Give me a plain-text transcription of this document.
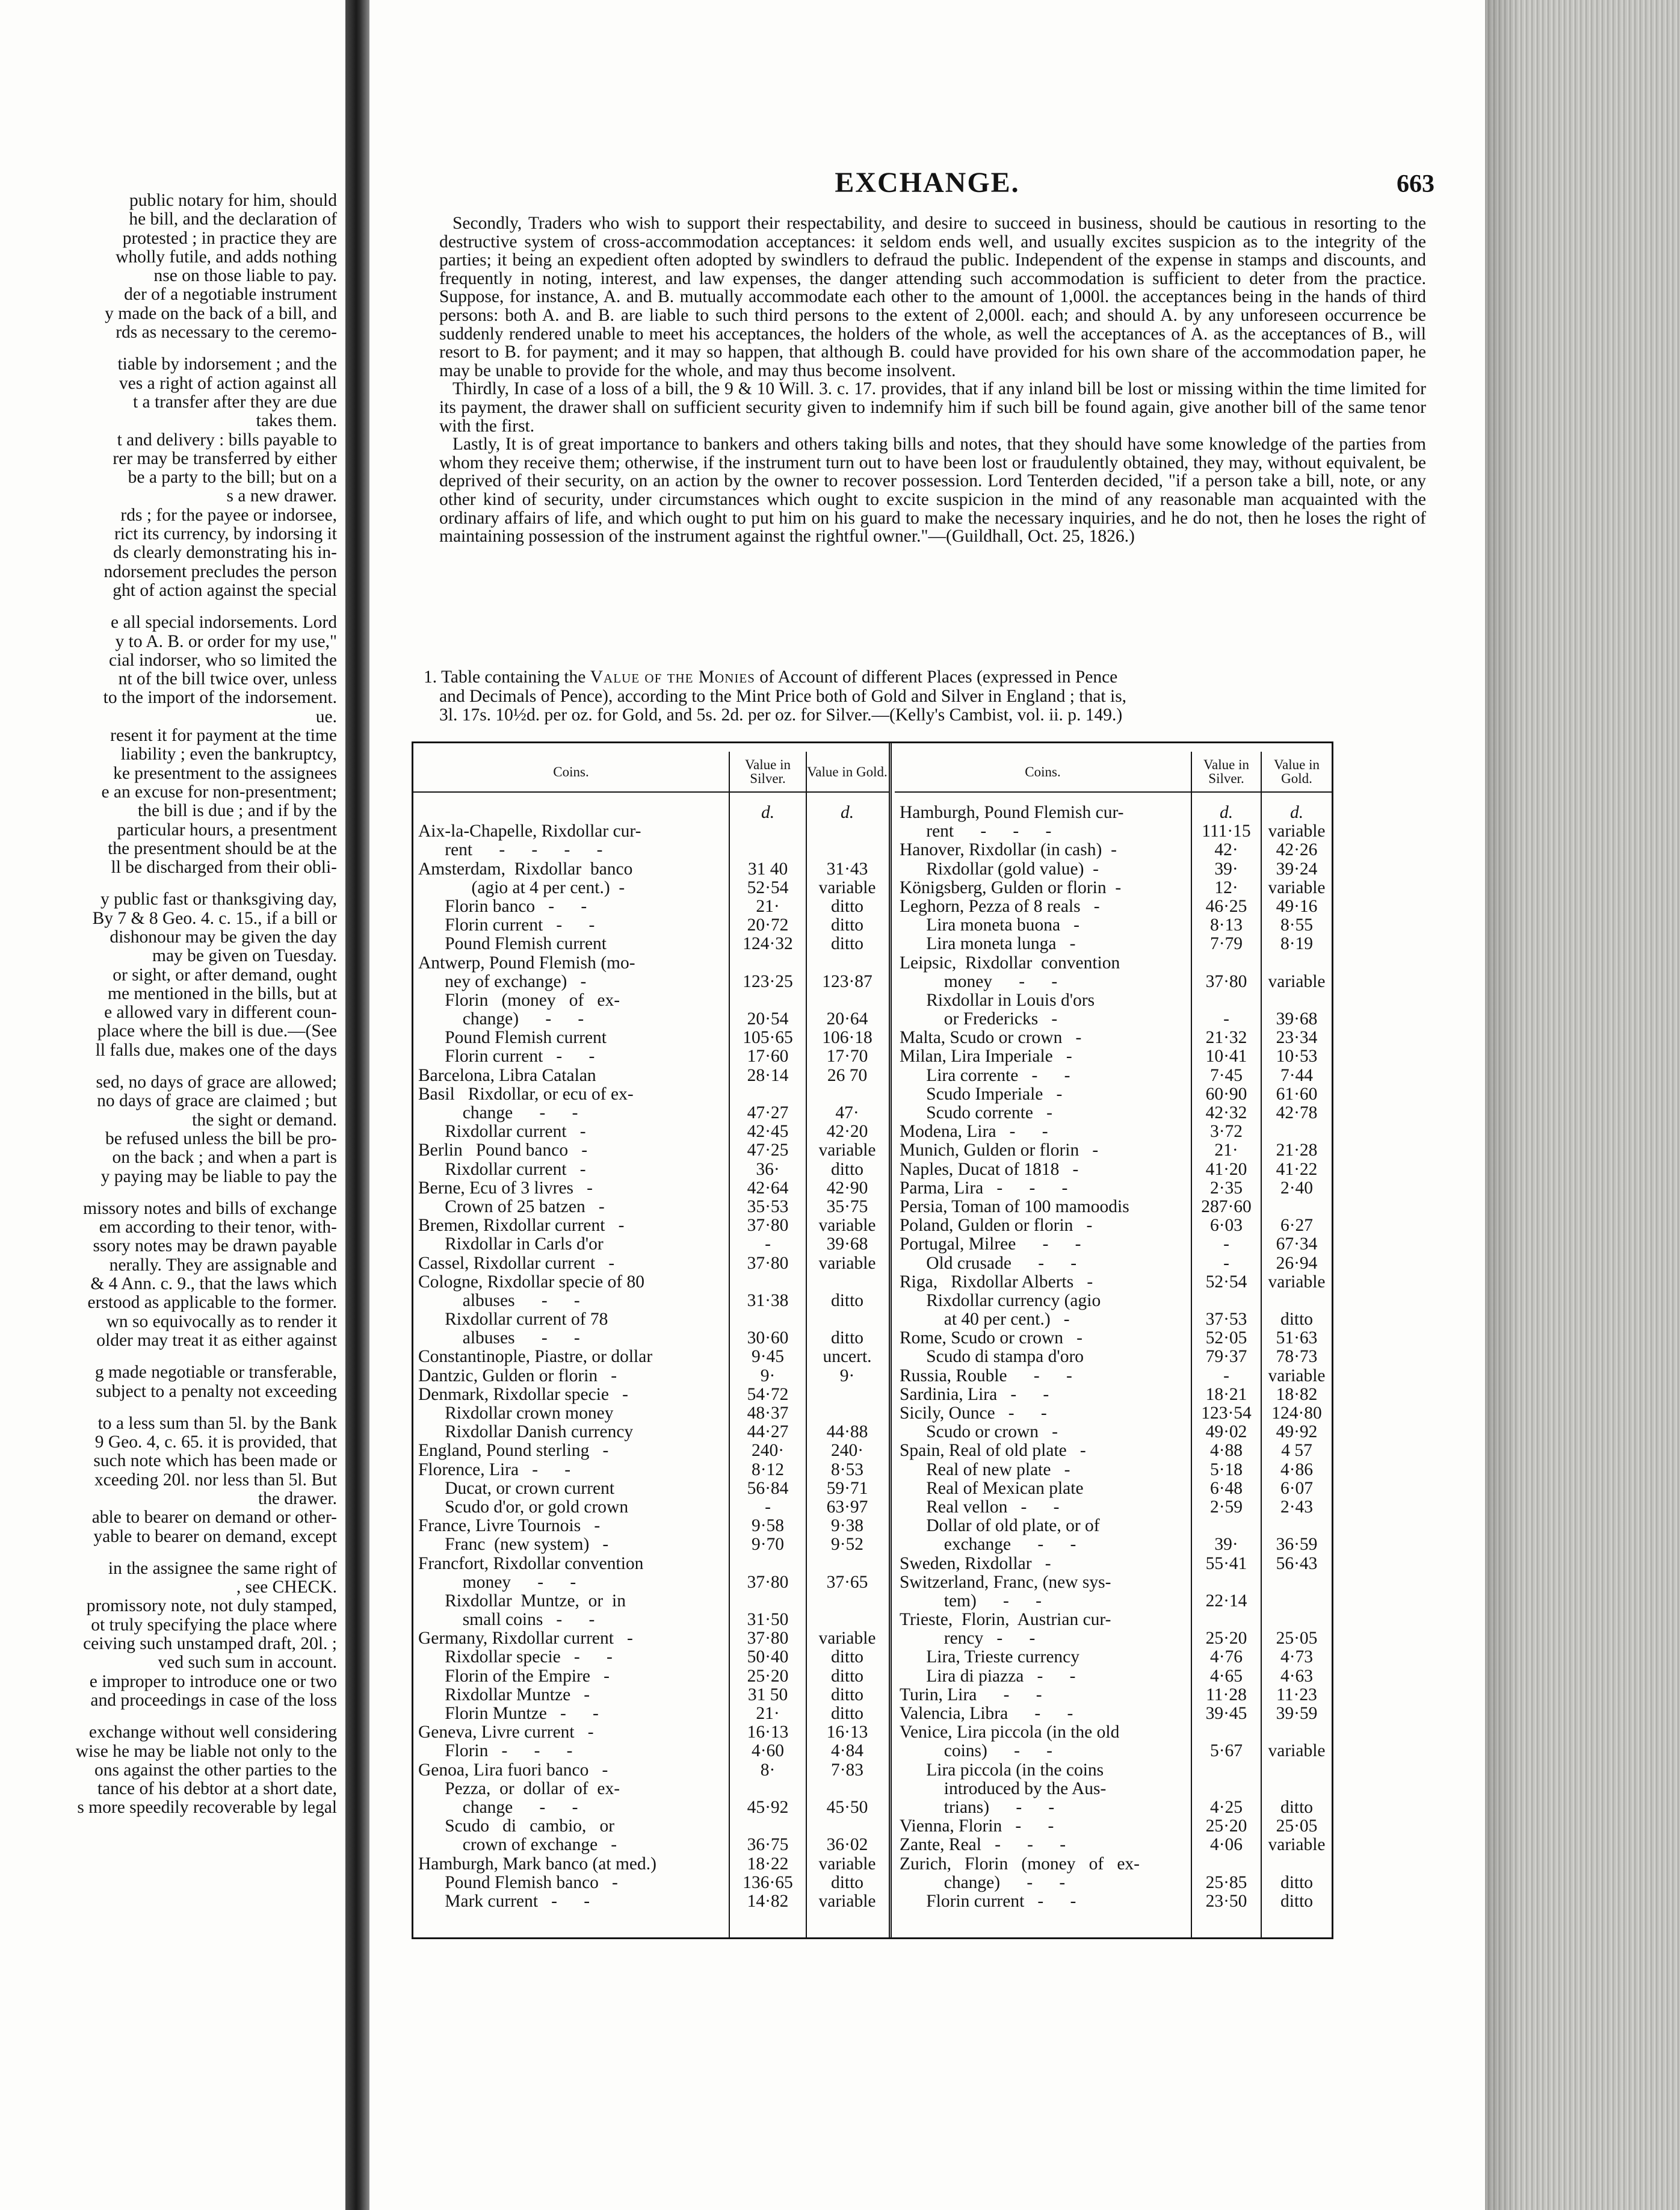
public notary for him, should
he bill, and the declaration of
protested ; in practice they are
wholly futile, and adds nothing
nse on those liable to pay.
der of a negotiable instrument
y made on the back of a bill, and
rds as necessary to the ceremo-
tiable by indorsement ; and the
ves a right of action against all
t a transfer after they are due
takes them.
t and delivery : bills payable to
rer may be transferred by either
be a party to the bill; but on a
s a new drawer.
rds ; for the payee or indorsee,
rict its currency, by indorsing it
ds clearly demonstrating his in-
ndorsement precludes the person
ght of action against the special
e all special indorsements. Lord
y to A. B. or order for my use,"
cial indorser, who so limited the
nt of the bill twice over, unless
to the import of the indorsement.
ue.
resent it for payment at the time
liability ; even the bankruptcy,
ke presentment to the assignees
e an excuse for non-presentment;
the bill is due ; and if by the
particular hours, a presentment
the presentment should be at the
ll be discharged from their obli-
y public fast or thanksgiving day,
By 7 & 8 Geo. 4. c. 15., if a bill or
dishonour may be given the day
may be given on Tuesday.
or sight, or after demand, ought
me mentioned in the bills, but at
e allowed vary in different coun-
place where the bill is due.—(See
ll falls due, makes one of the days
sed, no days of grace are allowed;
no days of grace are claimed ; but
the sight or demand.
be refused unless the bill be pro-
on the back ; and when a part is
y paying may be liable to pay the
missory notes and bills of exchange
em according to their tenor, with-
ssory notes may be drawn payable
nerally. They are assignable and
& 4 Ann. c. 9., that the laws which
erstood as applicable to the former.
wn so equivocally as to render it
older may treat it as either against
g made negotiable or transferable,
subject to a penalty not exceeding
to a less sum than 5l. by the Bank
9 Geo. 4, c. 65. it is provided, that
such note which has been made or
xceeding 20l. nor less than 5l. But
the drawer.
able to bearer on demand or other-
yable to bearer on demand, except
in the assignee the same right of
, see CHECK.
promissory note, not duly stamped,
ot truly specifying the place where
ceiving such unstamped draft, 20l. ;
ved such sum in account.
e improper to introduce one or two
and proceedings in case of the loss
exchange without well considering
wise he may be liable not only to the
ons against the other parties to the
tance of his debtor at a short date,
s more speedily recoverable by legal
EXCHANGE.	663

Secondly, Traders who wish to support their respectability, and desire to succeed in business, should be cautious in resorting to the destructive system of cross-accommodation acceptances: it seldom ends well, and usually excites suspicion as to the integrity of the parties; it being an expedient often adopted by swindlers to defraud the public. Independent of the expense in stamps and discounts, and frequently in noting, interest, and law expenses, the danger attending such accommodation is sufficient to deter from the practice. Suppose, for instance, A. and B. mutually accommodate each other to the amount of 1,000l. the acceptances being in the hands of third persons: both A. and B. are liable to such third persons to the extent of 2,000l. each; and should A. by any unforeseen occurrence be suddenly rendered unable to meet his acceptances, the holders of the whole, as well the acceptances of A. as the acceptances of B., will resort to B. for payment; and it may so happen, that although B. could have provided for his own share of the accommodation paper, he may be unable to provide for the whole, and may thus become insolvent.

Thirdly, In case of a loss of a bill, the 9 & 10 Will. 3. c. 17. provides, that if any inland bill be lost or missing within the time limited for its payment, the drawer shall on sufficient security given to indemnify him if such bill be found again, give another bill of the same tenor with the first.

Lastly, It is of great importance to bankers and others taking bills and notes, that they should have some knowledge of the parties from whom they receive them; otherwise, if the instrument turn out to have been lost or fraudulently obtained, they may, without equivalent, be deprived of their security, on an action by the owner to recover possession. Lord Tenterden decided, "if a person take a bill, note, or any other kind of security, under circumstances which ought to excite suspicion in the mind of any reasonable man acquainted with the ordinary affairs of life, and which ought to put him on his guard to make the necessary inquiries, and he do not, then he loses the right of maintaining possession of the instrument against the rightful owner."—(Guildhall, Oct. 25, 1826.)

1. Table containing the Value of the Monies of Account of different Places (expressed in Pence
and Decimals of Pence), according to the Mint Price both of Gold and Silver in England ; that is,
3l. 17s. 10½d. per oz. for Gold, and 5s. 2d. per oz. for Silver.—(Kelly's Cambist, vol. ii. p. 149.)
Coins.	Value in Silver.	Value in Gold.
d.	d.
Aix-la-Chapelle, Rixdollar cur-
rent      -      -      -      -
Amsterdam,  Rixdollar  banco	31 40	31·43
(agio at 4 per cent.)  -	52·54	variable
Florin banco   -      -	21·	ditto
Florin current   -      -	20·72	ditto
Pound Flemish current	124·32	ditto
Antwerp, Pound Flemish (mo-
ney of exchange)   -	123·25	123·87
Florin   (money   of   ex-
change)      -      -	20·54	20·64
Pound Flemish current	105·65	106·18
Florin current   -      -	17·60	17·70
Barcelona, Libra Catalan	28·14	26 70
Basil   Rixdollar, or ecu of ex-
change      -      -	47·27	47·
Rixdollar current   -	42·45	42·20
Berlin   Pound banco   -	47·25	variable
Rixdollar current   -	36·	ditto
Berne, Ecu of 3 livres   -	42·64	42·90
Crown of 25 batzen   -	35·53	35·75
Bremen, Rixdollar current   -	37·80	variable
Rixdollar in Carls d'or	-	39·68
Cassel, Rixdollar current   -	37·80	variable
Cologne, Rixdollar specie of 80
albuses      -      -	31·38	ditto
Rixdollar current of 78
albuses      -      -	30·60	ditto
Constantinople, Piastre, or dollar	9·45	uncert.
Dantzic, Gulden or florin   -	9·	9·
Denmark, Rixdollar specie   -	54·72
Rixdollar crown money	48·37
Rixdollar Danish currency	44·27	44·88
England, Pound sterling   -	240·	240·
Florence, Lira   -      -	8·12	8·53
Ducat, or crown current	56·84	59·71
Scudo d'or, or gold crown	-	63·97
France, Livre Tournois   -	9·58	9·38
Franc  (new system)   -	9·70	9·52
Francfort, Rixdollar convention
money      -      -	37·80	37·65
Rixdollar  Muntze,  or  in
small coins   -      -	31·50
Germany, Rixdollar current   -	37·80	variable
Rixdollar specie   -      -	50·40	ditto
Florin of the Empire   -	25·20	ditto
Rixdollar Muntze   -	31 50	ditto
Florin Muntze   -      -	21·	ditto
Geneva, Livre current   -	16·13	16·13
Florin   -      -      -	4·60	4·84
Genoa, Lira fuori banco   -	8·	7·83
Pezza,  or  dollar  of  ex-
change      -      -	45·92	45·50
Scudo   di   cambio,   or
crown of exchange   -	36·75	36·02
Hamburgh, Mark banco (at med.)	18·22	variable
Pound Flemish banco   -	136·65	ditto
Mark current   -      -	14·82	variable
Coins.	Value in Silver.
Value in Gold.
Hamburgh, Pound Flemish cur-	d.	d.
rent      -      -      -	111·15 variable
Hanover, Rixdollar (in cash)  -	42·	42·26
Rixdollar (gold value)  -	39·	39·24
Königsberg, Gulden or florin  -	12·	variable
Leghorn, Pezza of 8 reals   -	46·25	49·16
Lira moneta buona   -	8·13	8·55
Lira moneta lunga   -	7·79	8·19
Leipsic,  Rixdollar  convention
money      -      -	37·80	variable
Rixdollar in Louis d'ors
or Fredericks   -	-	39·68
Malta, Scudo or crown   -	21·32	23·34
Milan, Lira Imperiale   -	10·41	10·53
Lira corrente   -      -	7·45	7·44
Scudo Imperiale   -	60·90	61·60
Scudo corrente   -	42·32	42·78
Modena, Lira   -      -	3·72
Munich, Gulden or florin   -	21·	21·28
Naples, Ducat of 1818   -	41·20	41·22
Parma, Lira   -      -      -	2·35	2·40
Persia, Toman of 100 mamoodis	287·60
Poland, Gulden or florin   -	6·03	6·27
Portugal, Milree      -      -	-	67·34
Old crusade      -      -	-	26·94
Riga,   Rixdollar Alberts   -	52·54	variable
Rixdollar currency (agio
at 40 per cent.)   -	37·53	ditto
Rome, Scudo or crown   -	52·05	51·63
Scudo di stampa d'oro	79·37	78·73
Russia, Rouble      -      -	-	variable
Sardinia, Lira   -      -	18·21	18·82
Sicily, Ounce   -      -	123·54	124·80
Scudo or crown   -	49·02	49·92
Spain, Real of old plate   -	4·88	4 57
Real of new plate   -	5·18	4·86
Real of Mexican plate	6·48	6·07
Real vellon   -      -	2·59	2·43
Dollar of old plate, or of
exchange      -      -	39·	36·59
Sweden, Rixdollar   -	55·41	56·43
Switzerland, Franc, (new sys-
tem)      -      -	22·14
Trieste,  Florin,  Austrian cur-
rency   -      -	25·20	25·05
Lira, Trieste currency	4·76	4·73
Lira di piazza   -      -	4·65	4·63
Turin, Lira      -      -	11·28	11·23
Valencia, Libra      -      -	39·45	39·59
Venice, Lira piccola (in the old
coins)      -      -	5·67	variable
Lira piccola (in the coins
introduced by the Aus-
trians)      -      -	4·25	ditto
Vienna, Florin   -      -	25·20	25·05
Zante, Real   -      -      -	4·06	variable
Zurich,   Florin   (money   of   ex-
change)      -      -	25·85	ditto
Florin current   -      -	23·50	ditto
